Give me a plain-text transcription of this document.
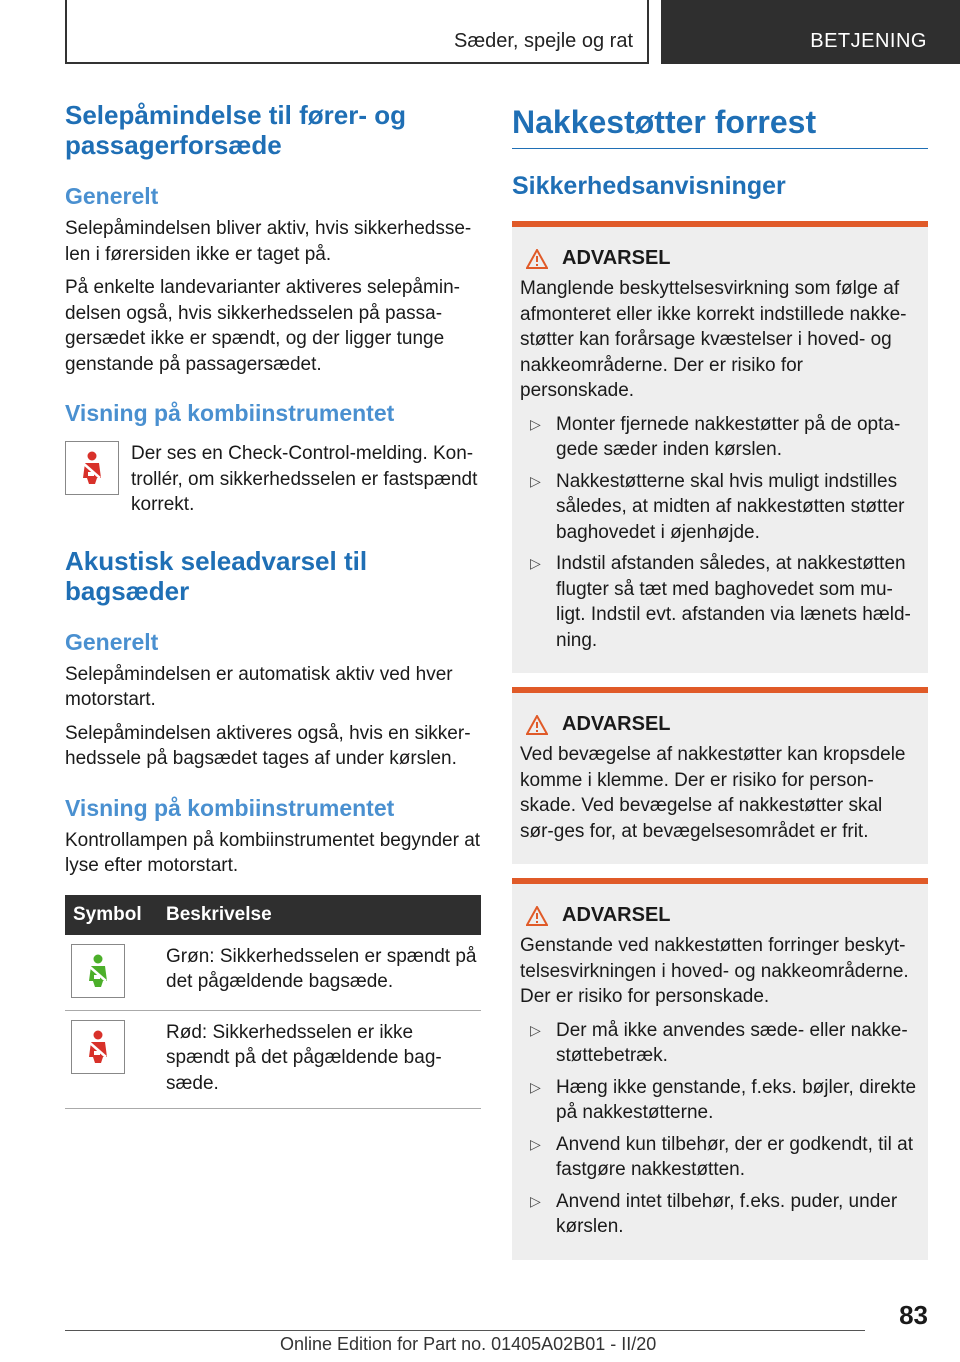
Sæder, spejle og rat	BETJENING
Selepåmindelse til fører- og passagerforsæde
Generelt

Selepåmindelsen bliver aktiv, hvis sikkerhedsse-len i førersiden ikke er taget på.

På enkelte landevarianter aktiveres selepåmin-delsen også, hvis sikkerhedsselen på passa-gersædet ikke er spændt, og der ligger tunge genstande på passagersædet.

Visning på kombiinstrumentet
Der ses en Check-Control-melding. Kon-trollér, om sikkerhedsselen er fastspændt korrekt.
Akustisk seleadvarsel til bagsæder
Generelt

Selepåmindelsen er automatisk aktiv ved hver motorstart.

Selepåmindelsen aktiveres også, hvis en sikker-hedssele på bagsædet tages af under kørslen.

Visning på kombiinstrumentet

Kontrollampen på kombiinstrumentet begynder at lyse efter motorstart.

Symbol	Beskrivelse

	Grøn: Sikkerhedsselen er spændt på det pågældende bagsæde.

	Rød: Sikkerhedsselen er ikke spændt på det pågældende bag-sæde.
Nakkestøtter forrest
Sikkerhedsanvisninger
ADVARSEL

Manglende beskyttelsesvirkning som følge af afmonteret eller ikke korrekt indstillede nakke-støtter kan forårsage kvæstelser i hoved- og nakkeområderne. Der er risiko for personskade.

▷ Monter fjernede nakkestøtter på de opta-gede sæder inden kørslen.
▷ Nakkestøtterne skal hvis muligt indstilles således, at midten af nakkestøtten støtter baghovedet i øjenhøjde.
▷ Indstil afstanden således, at nakkestøtten flugter så tæt med baghovedet som mu-ligt. Indstil evt. afstanden via lænets hæld-ning.
ADVARSEL

Ved bevægelse af nakkestøtter kan kropsdele komme i klemme. Der er risiko for person-skade. Ved bevægelse af nakkestøtter skal sør-ges for, at bevægelsesområdet er frit.

ADVARSEL

Genstande ved nakkestøtten forringer beskyt-telsesvirkningen i hoved- og nakkeområderne. Der er risiko for personskade.

▷ Der må ikke anvendes sæde- eller nakke-støttebetræk.
▷ Hæng ikke genstande, f.eks. bøjler, direkte på nakkestøtterne.
▷ Anvend kun tilbehør, der er godkendt, til at fastgøre nakkestøtten.
▷ Anvend intet tilbehør, f.eks. puder, under kørslen.
83
Online Edition for Part no. 01405A02B01 - II/20
